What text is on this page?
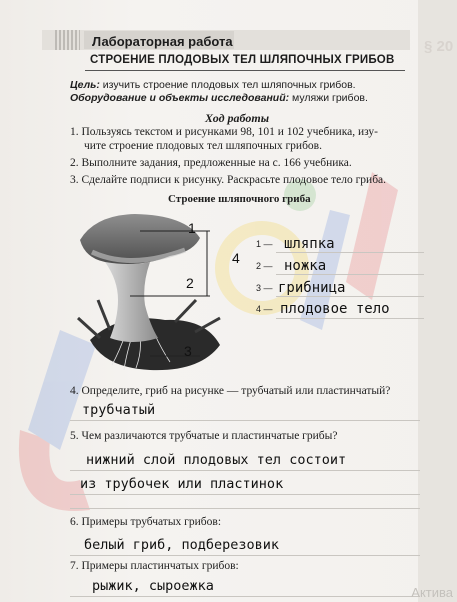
§ 20
Лабораторная работа
СТРОЕНИЕ ПЛОДОВЫХ ТЕЛ ШЛЯПОЧНЫХ ГРИБОВ
Цель: изучить строение плодовых тел шляпочных грибов.
Оборудование и объекты исследований: муляжи грибов.
Ход работы
1. Пользуясь текстом и рисунками 98, 101 и 102 учебника, изу-
чите строение плодовых тел шляпочных грибов.
2. Выполните задания, предложенные на с. 166 учебника.
3. Сделайте подписи к рисунку. Раскрасьте плодовое тело гриба.
Строение шляпочного гриба
1
2
3
4
1 — шляпка
2 — ножка
3 — грибница
4 — плодовое тело
4. Определите, гриб на рисунке — трубчатый или пластинчатый?
трубчатый
5. Чем различаются трубчатые и пластинчатые грибы?
нижний слой плодовых тел состоит
из трубочек или пластинок
6. Примеры трубчатых грибов:
белый гриб, подберезовик
7. Примеры пластинчатых грибов:
рыжик, сыроежка	Актива
